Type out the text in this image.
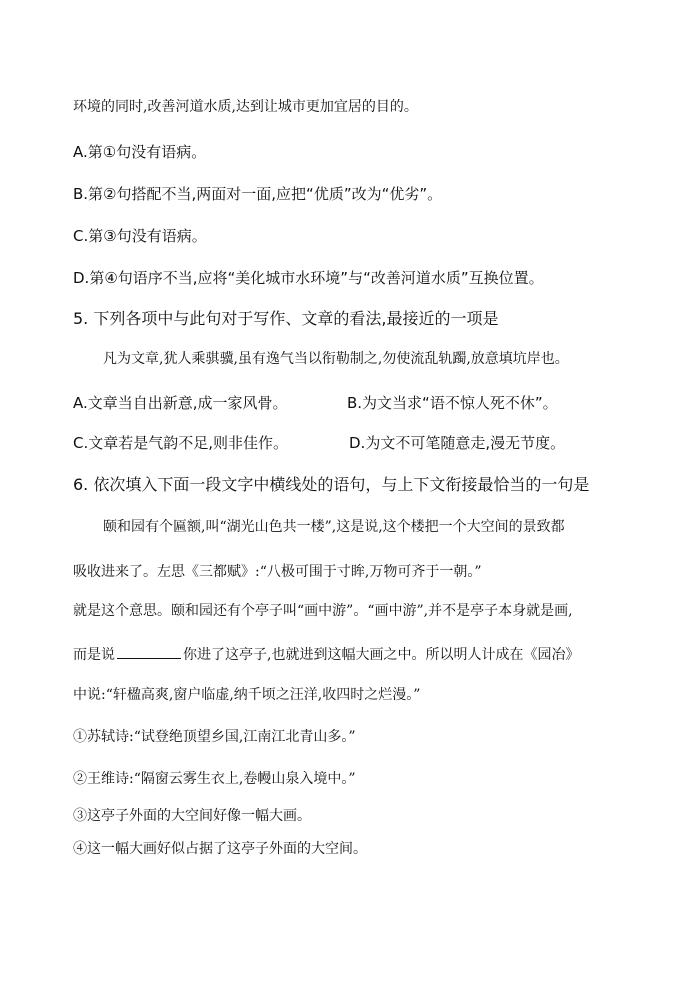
环境的同时,改善河道水质,达到让城市更加宜居的目的。
A.第①句没有语病。
B.第②句搭配不当,两面对一面,应把“优质”改为“优劣”。
C.第③句没有语病。
D.第④句语序不当,应将“美化城市水环境”与“改善河道水质”互换位置。
5. 下列各项中与此句对于写作、文章的看法,最接近的一项是
凡为文章,犹人乘骐骥,虽有逸气当以衔勒制之,勿使流乱轨躅,放意填坑岸也。
A.文章当自出新意,成一家风骨。	B.为文当求“语不惊人死不休”。
C.文章若是气韵不足,则非佳作。	D.为文不可笔随意走,漫无节度。
6. 依次填入下面一段文字中横线处的语句，与上下文衔接最恰当的一句是
颐和园有个匾额,叫“湖光山色共一楼”,这是说,这个楼把一个大空间的景致都
吸收进来了。左思《三都赋》:“八极可围于寸眸,万物可齐于一朝。”
就是这个意思。颐和园还有个亭子叫“画中游”。“画中游”,并不是亭子本身就是画,
而是说	你进了这亭子,也就进到这幅大画之中。所以明人计成在《园冶》
中说:“轩楹高爽,窗户临虚,纳千顷之汪洋,收四时之烂漫。”
①苏轼诗:“试登绝顶望乡国,江南江北青山多。”
②王维诗:“隔窗云雾生衣上,卷幔山泉入境中。”
③这亭子外面的大空间好像一幅大画。
④这一幅大画好似占据了这亭子外面的大空间。
